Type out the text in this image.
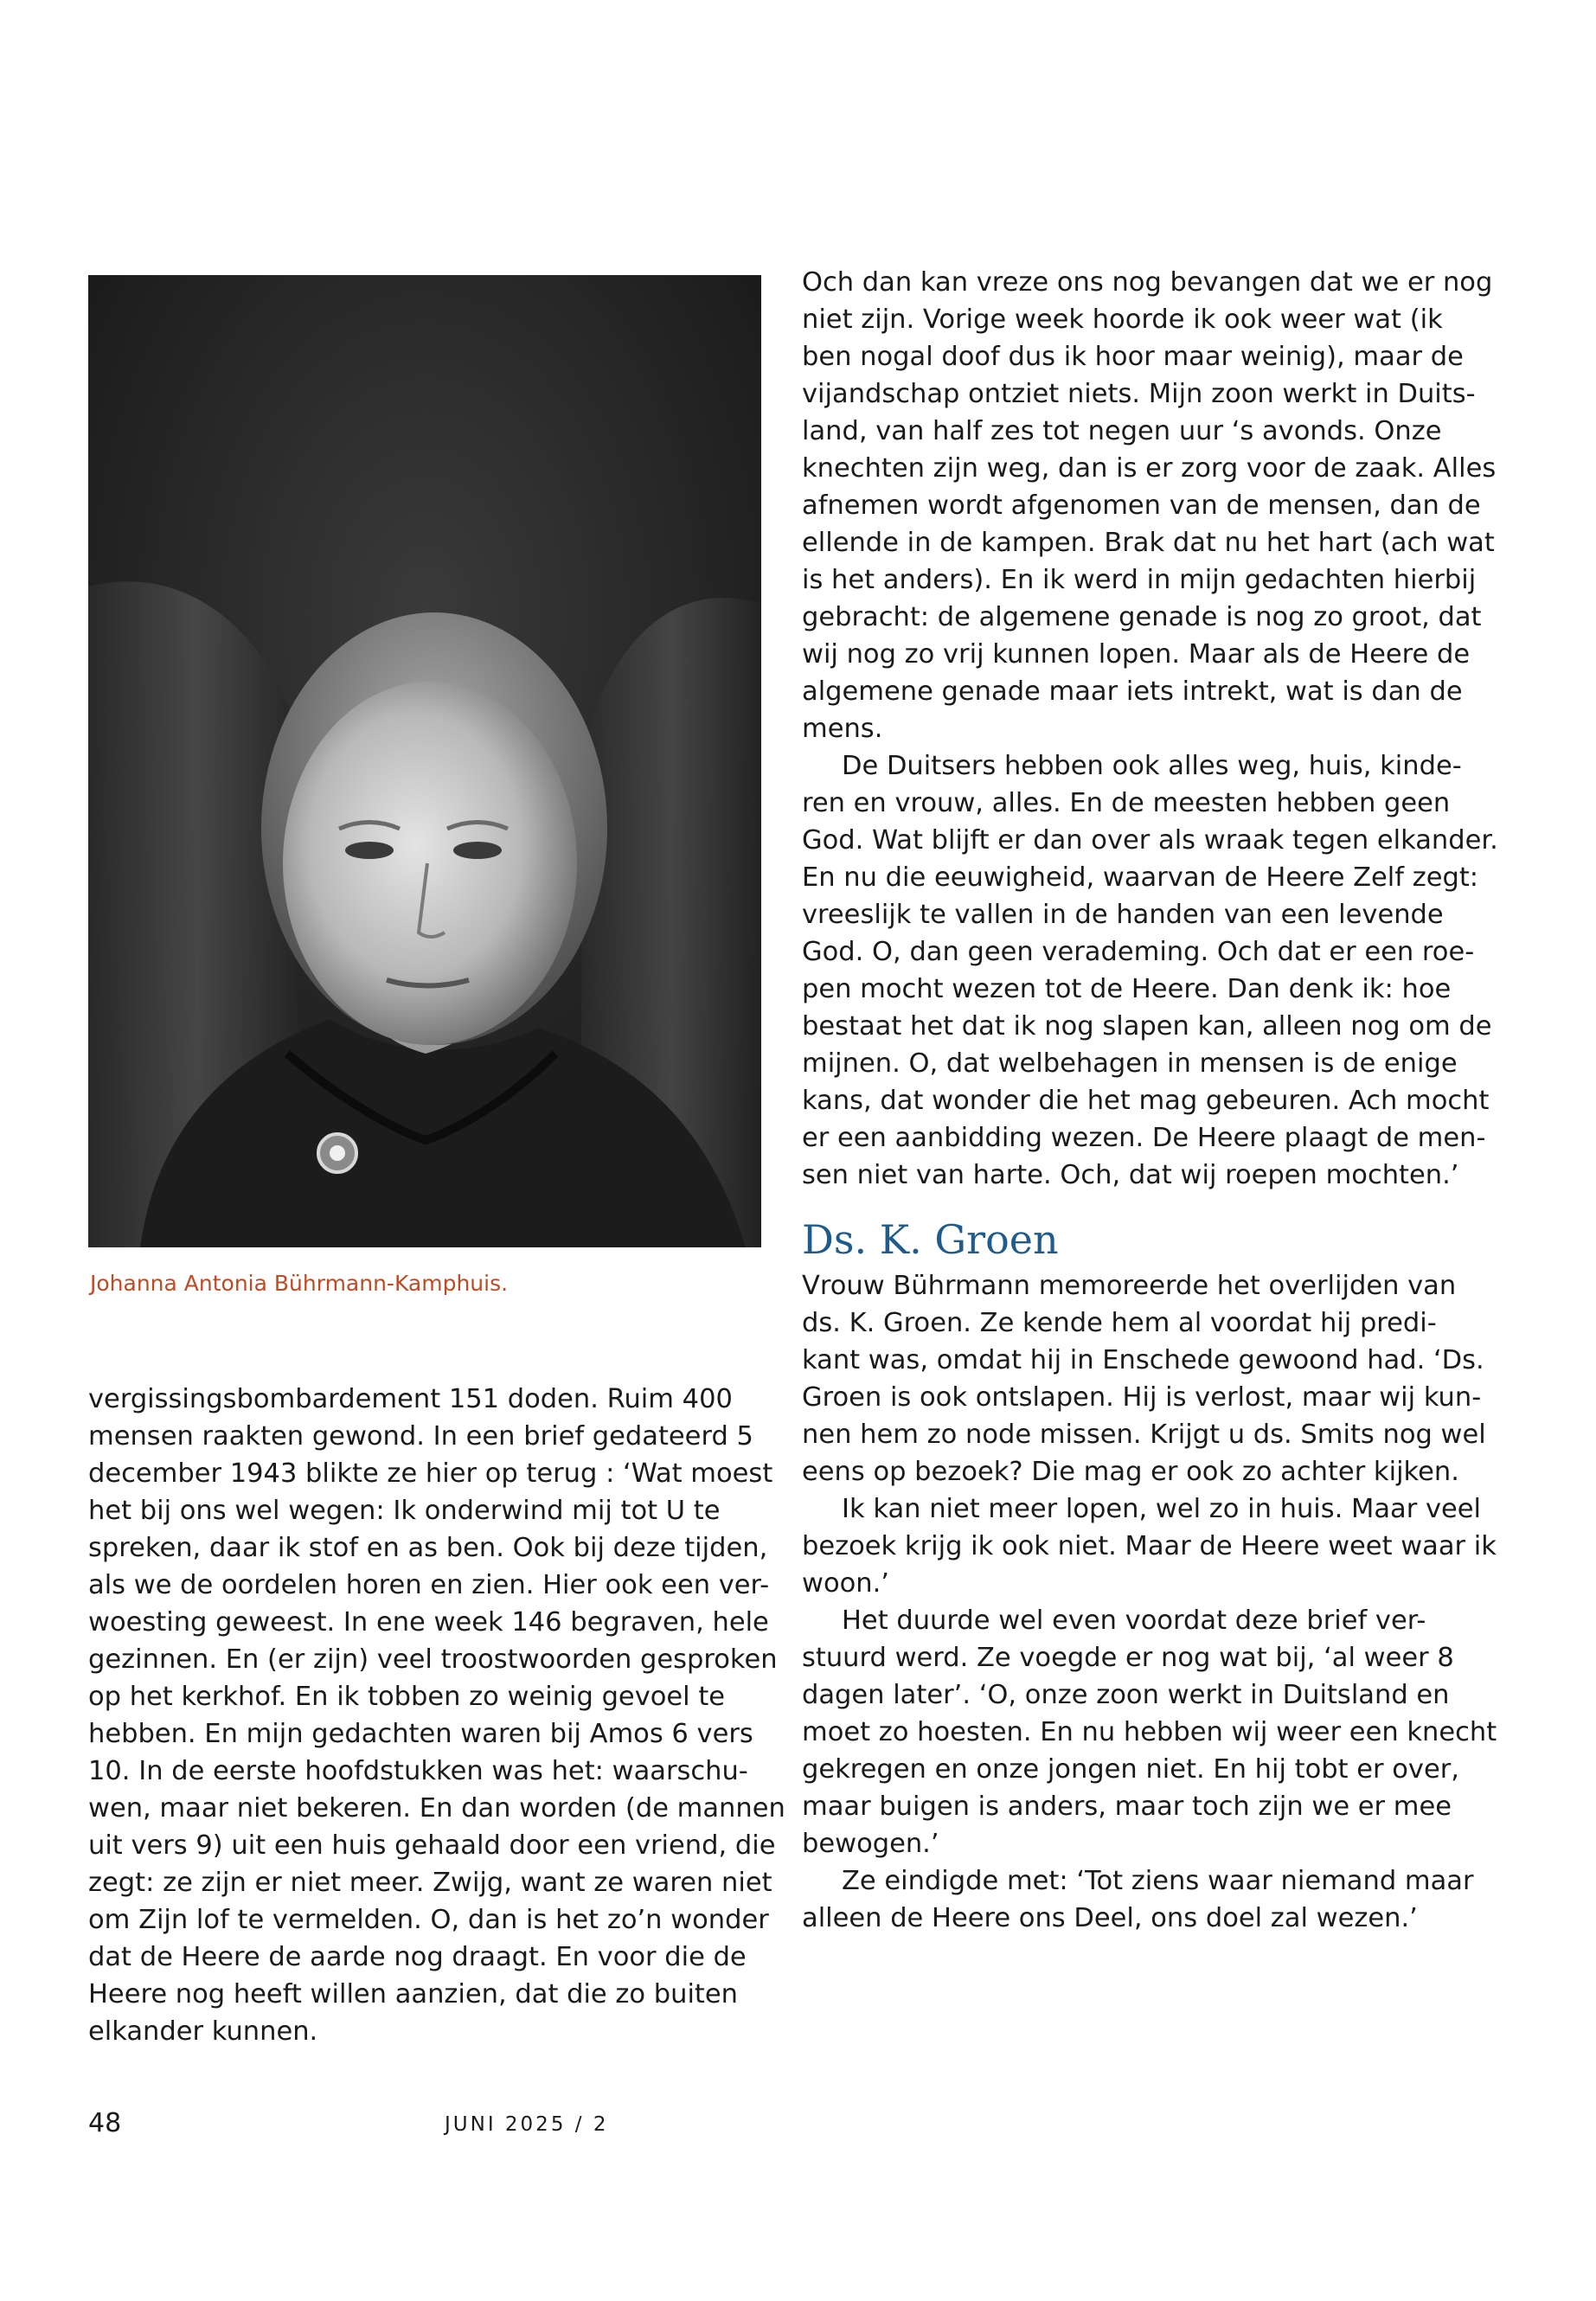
Johanna Antonia Bührmann-Kamphuis.
vergissingsbombardement 151 doden. Ruim 400
mensen raakten gewond. In een brief gedateerd 5
december 1943 blikte ze hier op terug : ‘Wat moest
het bij ons wel wegen: Ik onderwind mij tot U te
spreken, daar ik stof en as ben. Ook bij deze tijden,
als we de oordelen horen en zien. Hier ook een ver-
woesting geweest. In ene week 146 begraven, hele
gezinnen. En (er zijn) veel troostwoorden gesproken
op het kerkhof. En ik tobben zo weinig gevoel te
hebben. En mijn gedachten waren bij Amos 6 vers
10. In de eerste hoofdstukken was het: waarschu-
wen, maar niet bekeren. En dan worden (de mannen
uit vers 9) uit een huis gehaald door een vriend, die
zegt: ze zijn er niet meer. Zwijg, want ze waren niet
om Zijn lof te vermelden. O, dan is het zo’n wonder
dat de Heere de aarde nog draagt. En voor die de
Heere nog heeft willen aanzien, dat die zo buiten
elkander kunnen.
Och dan kan vreze ons nog bevangen dat we er nog
niet zijn. Vorige week hoorde ik ook weer wat (ik
ben nogal doof dus ik hoor maar weinig), maar de
vijandschap ontziet niets. Mijn zoon werkt in Duits-
land, van half zes tot negen uur ‘s avonds. Onze
knechten zijn weg, dan is er zorg voor de zaak. Alles
afnemen wordt afgenomen van de mensen, dan de
ellende in de kampen. Brak dat nu het hart (ach wat
is het anders). En ik werd in mijn gedachten hierbij
gebracht: de algemene genade is nog zo groot, dat
wij nog zo vrij kunnen lopen. Maar als de Heere de
algemene genade maar iets intrekt, wat is dan de
mens.
De Duitsers hebben ook alles weg, huis, kinde-
ren en vrouw, alles. En de meesten hebben geen
God. Wat blijft er dan over als wraak tegen elkander.
En nu die eeuwigheid, waarvan de Heere Zelf zegt:
vreeslijk te vallen in de handen van een levende
God. O, dan geen verademing. Och dat er een roe-
pen mocht wezen tot de Heere. Dan denk ik: hoe
bestaat het dat ik nog slapen kan, alleen nog om de
mijnen. O, dat welbehagen in mensen is de enige
kans, dat wonder die het mag gebeuren. Ach mocht
er een aanbidding wezen. De Heere plaagt de men-
sen niet van harte. Och, dat wij roepen mochten.’
Ds. K. Groen
Vrouw Bührmann memoreerde het overlijden van
ds. K. Groen. Ze kende hem al voordat hij predi-
kant was, omdat hij in Enschede gewoond had. ‘Ds.
Groen is ook ontslapen. Hij is verlost, maar wij kun-
nen hem zo node missen. Krijgt u ds. Smits nog wel
eens op bezoek? Die mag er ook zo achter kijken.
Ik kan niet meer lopen, wel zo in huis. Maar veel
bezoek krijg ik ook niet. Maar de Heere weet waar ik
woon.’
Het duurde wel even voordat deze brief ver-
stuurd werd. Ze voegde er nog wat bij, ‘al weer 8
dagen later’. ‘O, onze zoon werkt in Duitsland en
moet zo hoesten. En nu hebben wij weer een knecht
gekregen en onze jongen niet. En hij tobt er over,
maar buigen is anders, maar toch zijn we er mee
bewogen.’
Ze eindigde met: ‘Tot ziens waar niemand maar
alleen de Heere ons Deel, ons doel zal wezen.’
48	JUNI 2025 / 2
